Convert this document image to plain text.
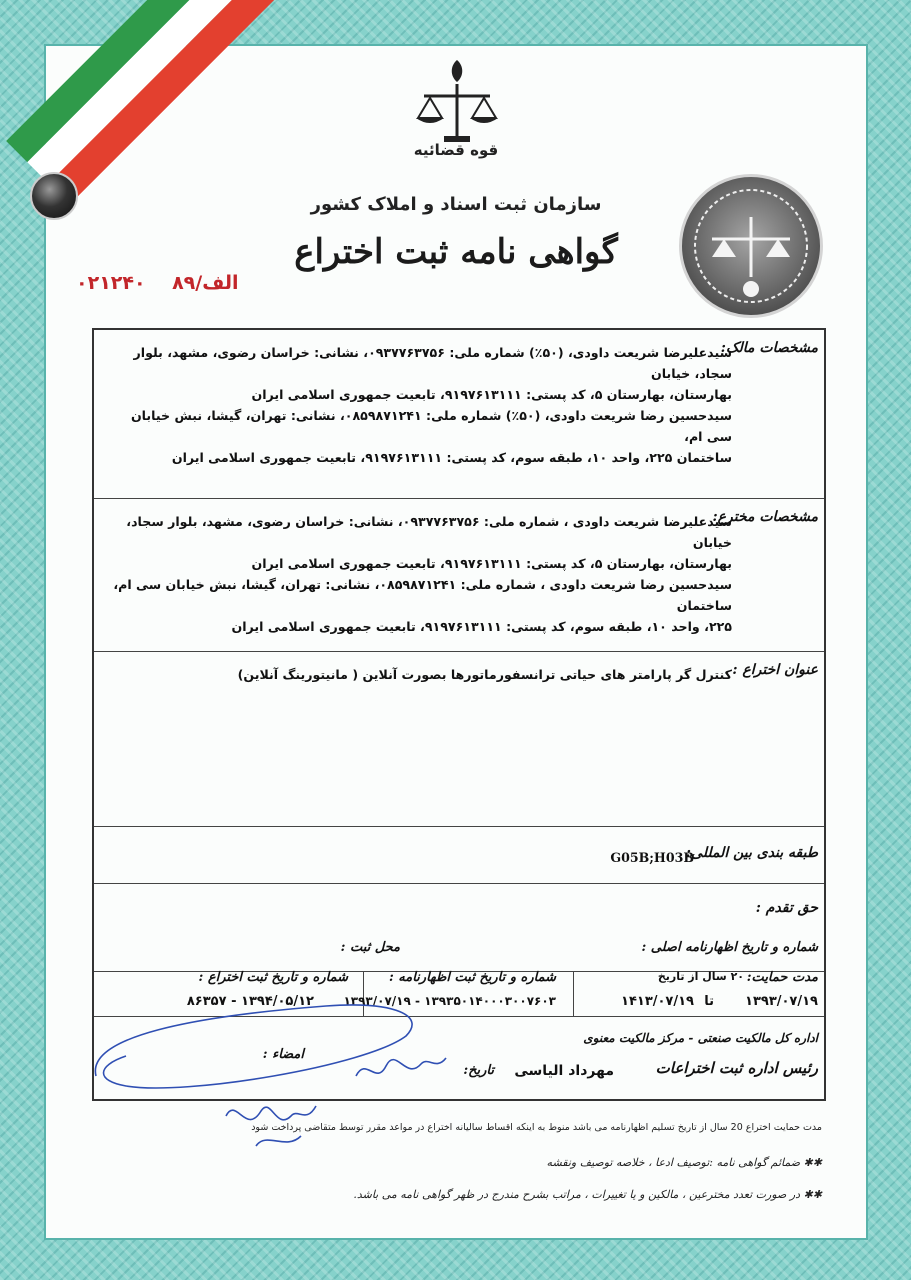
قوه قضائیه
سازمان ثبت اسناد و املاک کشور
گواهی نامه ثبت اختراع
الف/۸۹    ۰۲۱۲۴۰
مشخصات مالک:

سیدعلیرضا شریعت داودی، (۵۰٪) شماره ملی: ۰۹۳۷۷۶۳۷۵۶، نشانی: خراسان رضوی، مشهد، بلوار سجاد، خیابان

بهارستان، بهارستان ۵، کد پستی: ۹۱۹۷۶۱۳۱۱۱، تابعیت جمهوری اسلامی ایران

سیدحسین رضا شریعت داودی، (۵۰٪) شماره ملی: ۰۸۵۹۸۷۱۲۴۱، نشانی: تهران، گیشا، نبش خیابان سی ام،

ساختمان ۲۲۵، واحد ۱۰، طبقه سوم، کد پستی: ۹۱۹۷۶۱۳۱۱۱، تابعیت جمهوری اسلامی ایران

مشخصات مخترع:

سیدعلیرضا شریعت داودی ، شماره ملی: ۰۹۳۷۷۶۳۷۵۶، نشانی: خراسان رضوی، مشهد، بلوار سجاد، خیابان

بهارستان، بهارستان ۵، کد پستی: ۹۱۹۷۶۱۳۱۱۱، تابعیت جمهوری اسلامی ایران

سیدحسین رضا شریعت داودی ، شماره ملی: ۰۸۵۹۸۷۱۲۴۱، نشانی: تهران، گیشا، نبش خیابان سی ام، ساختمان

۲۲۵، واحد ۱۰، طبقه سوم، کد پستی: ۹۱۹۷۶۱۳۱۱۱، تابعیت جمهوری اسلامی ایران

عنوان اختراع :
کنترل گر پارامتر های حیاتی ترانسفورماتورها بصورت آنلاین ( مانیتورینگ آنلاین)
طبقه بندی بین المللی:
G05B;H03B
حق تقدم :
شماره و تاریخ اظهارنامه اصلی :
محل ثبت :
مدت حمایت:
۲۰ سال از تاریخ
۱۳۹۳/۰۷/۱۹
تا
۱۴۱۳/۰۷/۱۹
شماره و تاریخ ثبت اظهارنامه :
۱۳۹۳۵۰۱۴۰۰۰۳۰۰۷۶۰۳ - ۱۳۹۳/۰۷/۱۹
شماره و تاریخ ثبت اختراع :
۱۳۹۴/۰۵/۱۲ - ۸۶۳۵۷
اداره کل مالکیت صنعتی - مرکز مالکیت معنوی
رئیس اداره ثبت اختراعات
مهرداد الیاسی
تاریخ:
امضاء :
مدت حمایت اختراع 20 سال از تاریخ تسلیم اظهارنامه می باشد منوط به اینکه اقساط سالیانه اختراع در مواعد مقرر توسط متقاضی پرداخت شود
✱✱ ضمائم گواهی نامه :توصیف ادعا ، خلاصه توصیف ونقشه
✱✱ در صورت تعدد مخترعین ، مالکین و یا تغییرات ، مراتب بشرح مندرج در ظهر گواهی نامه می باشد.
